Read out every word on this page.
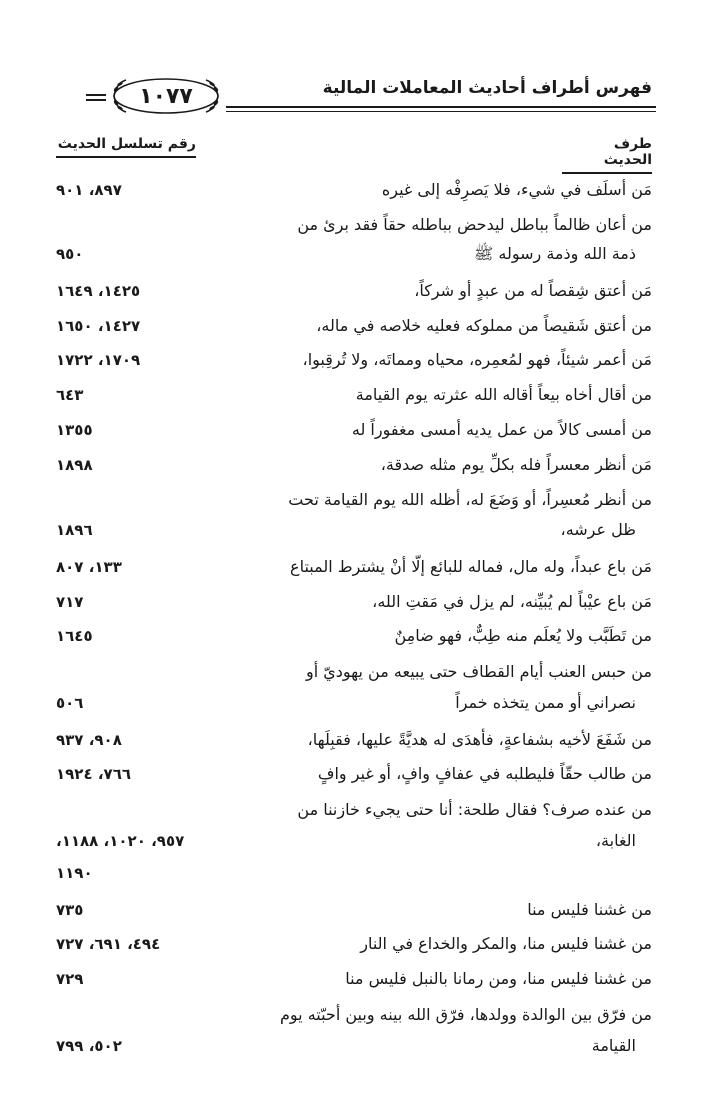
١٠٧٧	فهرس أطراف أحاديث المعاملات المالية
رقم تسلسل الحديث	طرف الحديث
مَن أسلَف في شيء، فلا يَصرِفْه إلى غيره
٨٩٧، ٩٠١
من أعان ظالماً بباطل ليدحض بباطله حقاً فقد برئ من
ذمة الله وذمة رسوله ﷺ
٩٥٠
مَن أعتق شِقصاً له من عبدٍ أو شركاً،
١٤٢٥، ١٦٤٩
من أعتق شَقيصاً من مملوكه فعليه خلاصه في ماله،
١٤٢٧، ١٦٥٠
مَن أعمر شيئاً، فهو لمُعمِره، محياه ومماتَه، ولا تُرقِبوا،
١٧٠٩، ١٧٢٢
من أقال أخاه بيعاً أقاله الله عثرته يوم القيامة
٦٤٣
من أمسى كالاً من عمل يديه أمسى مغفوراً له
١٣٥٥
مَن أنظر معسراً فله بكلِّ يوم مثله صدقة،
١٨٩٨
من أنظر مُعسِراً، أو وَضَعَ له، أظله الله يوم القيامة تحت
ظل عرشه،
١٨٩٦
مَن باع عبداً، وله مال، فماله للبائع إلّا أنْ يشترط المبتاع
١٣٣، ٨٠٧
مَن باع عيْباً لم يُبيِّنه، لم يزل في مَقتِ الله،
٧١٧
من تَطَبَّب ولا يُعلَم منه طِبٌّ، فهو ضامِنٌ
١٦٤٥
من حبس العنب أيام القطاف حتى يبيعه من يهوديّ أو
نصراني أو ممن يتخذه خمراً
٥٠٦
من شَفَعَ لأخيه بشفاعةٍ، فأهدَى له هديَّةً عليها، فقبِلَها،
٩٠٨، ٩٣٧
من طالب حقّاً فليطلبه في عفافٍ وافٍ، أو غير وافٍ
٧٦٦، ١٩٢٤
من عنده صرف؟ فقال طلحة: أنا حتى يجيء خازننا من
الغابة،
٩٥٧، ١٠٢٠، ١١٨٨،
١١٩٠
من غشنا فليس منا
٧٣٥
من غشنا فليس منا، والمكر والخداع في النار
٤٩٤، ٦٩١، ٧٢٧
من غشنا فليس منا، ومن رمانا بالنبل فليس منا
٧٢٩
من فرّق بين الوالدة وولدها، فرّق الله بينه وبين أحبّته يوم
القيامة
٥٠٢، ٧٩٩
